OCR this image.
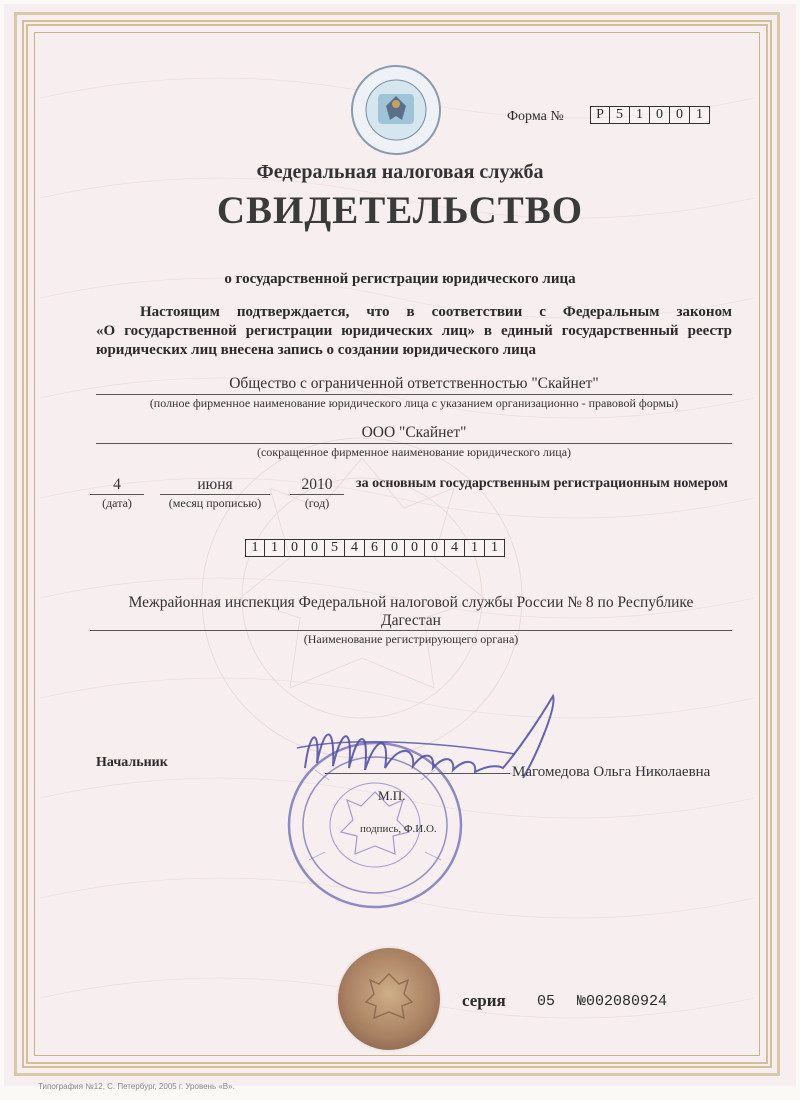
Форма №	Р 5 1 0 0 1
Федеральная налоговая служба
СВИДЕТЕЛЬСТВО
о государственной регистрации юридического лица
Настоящим подтверждается, что в соответствии с Федеральным законом
«О государственной регистрации юридических лиц» в единый государственный реестр
юридических лиц внесена запись о создании юридического лица
Общество с ограниченной ответственностью "Скайнет"
(полное фирменное наименование юридического лица с указанием организационно - правовой формы)
ООО "Скайнет"
(сокращенное фирменное наименование юридического лица)
4
(дата)
июня
(месяц прописью)
2010
(год)
за основным государственным регистрационным номером
1 1 0 0 5 4 6 0 0 0 4 1 1
Межрайонная инспекция Федеральной налоговой службы России № 8 по Республике
Дагестан
(Наименование регистрирующего органа)
Начальник
Магомедова Ольга Николаевна
М.П.
подпись, Ф.И.О.
серия 05 №002080924
Типография №12, С. Петербург, 2005 г. Уровень «В».
